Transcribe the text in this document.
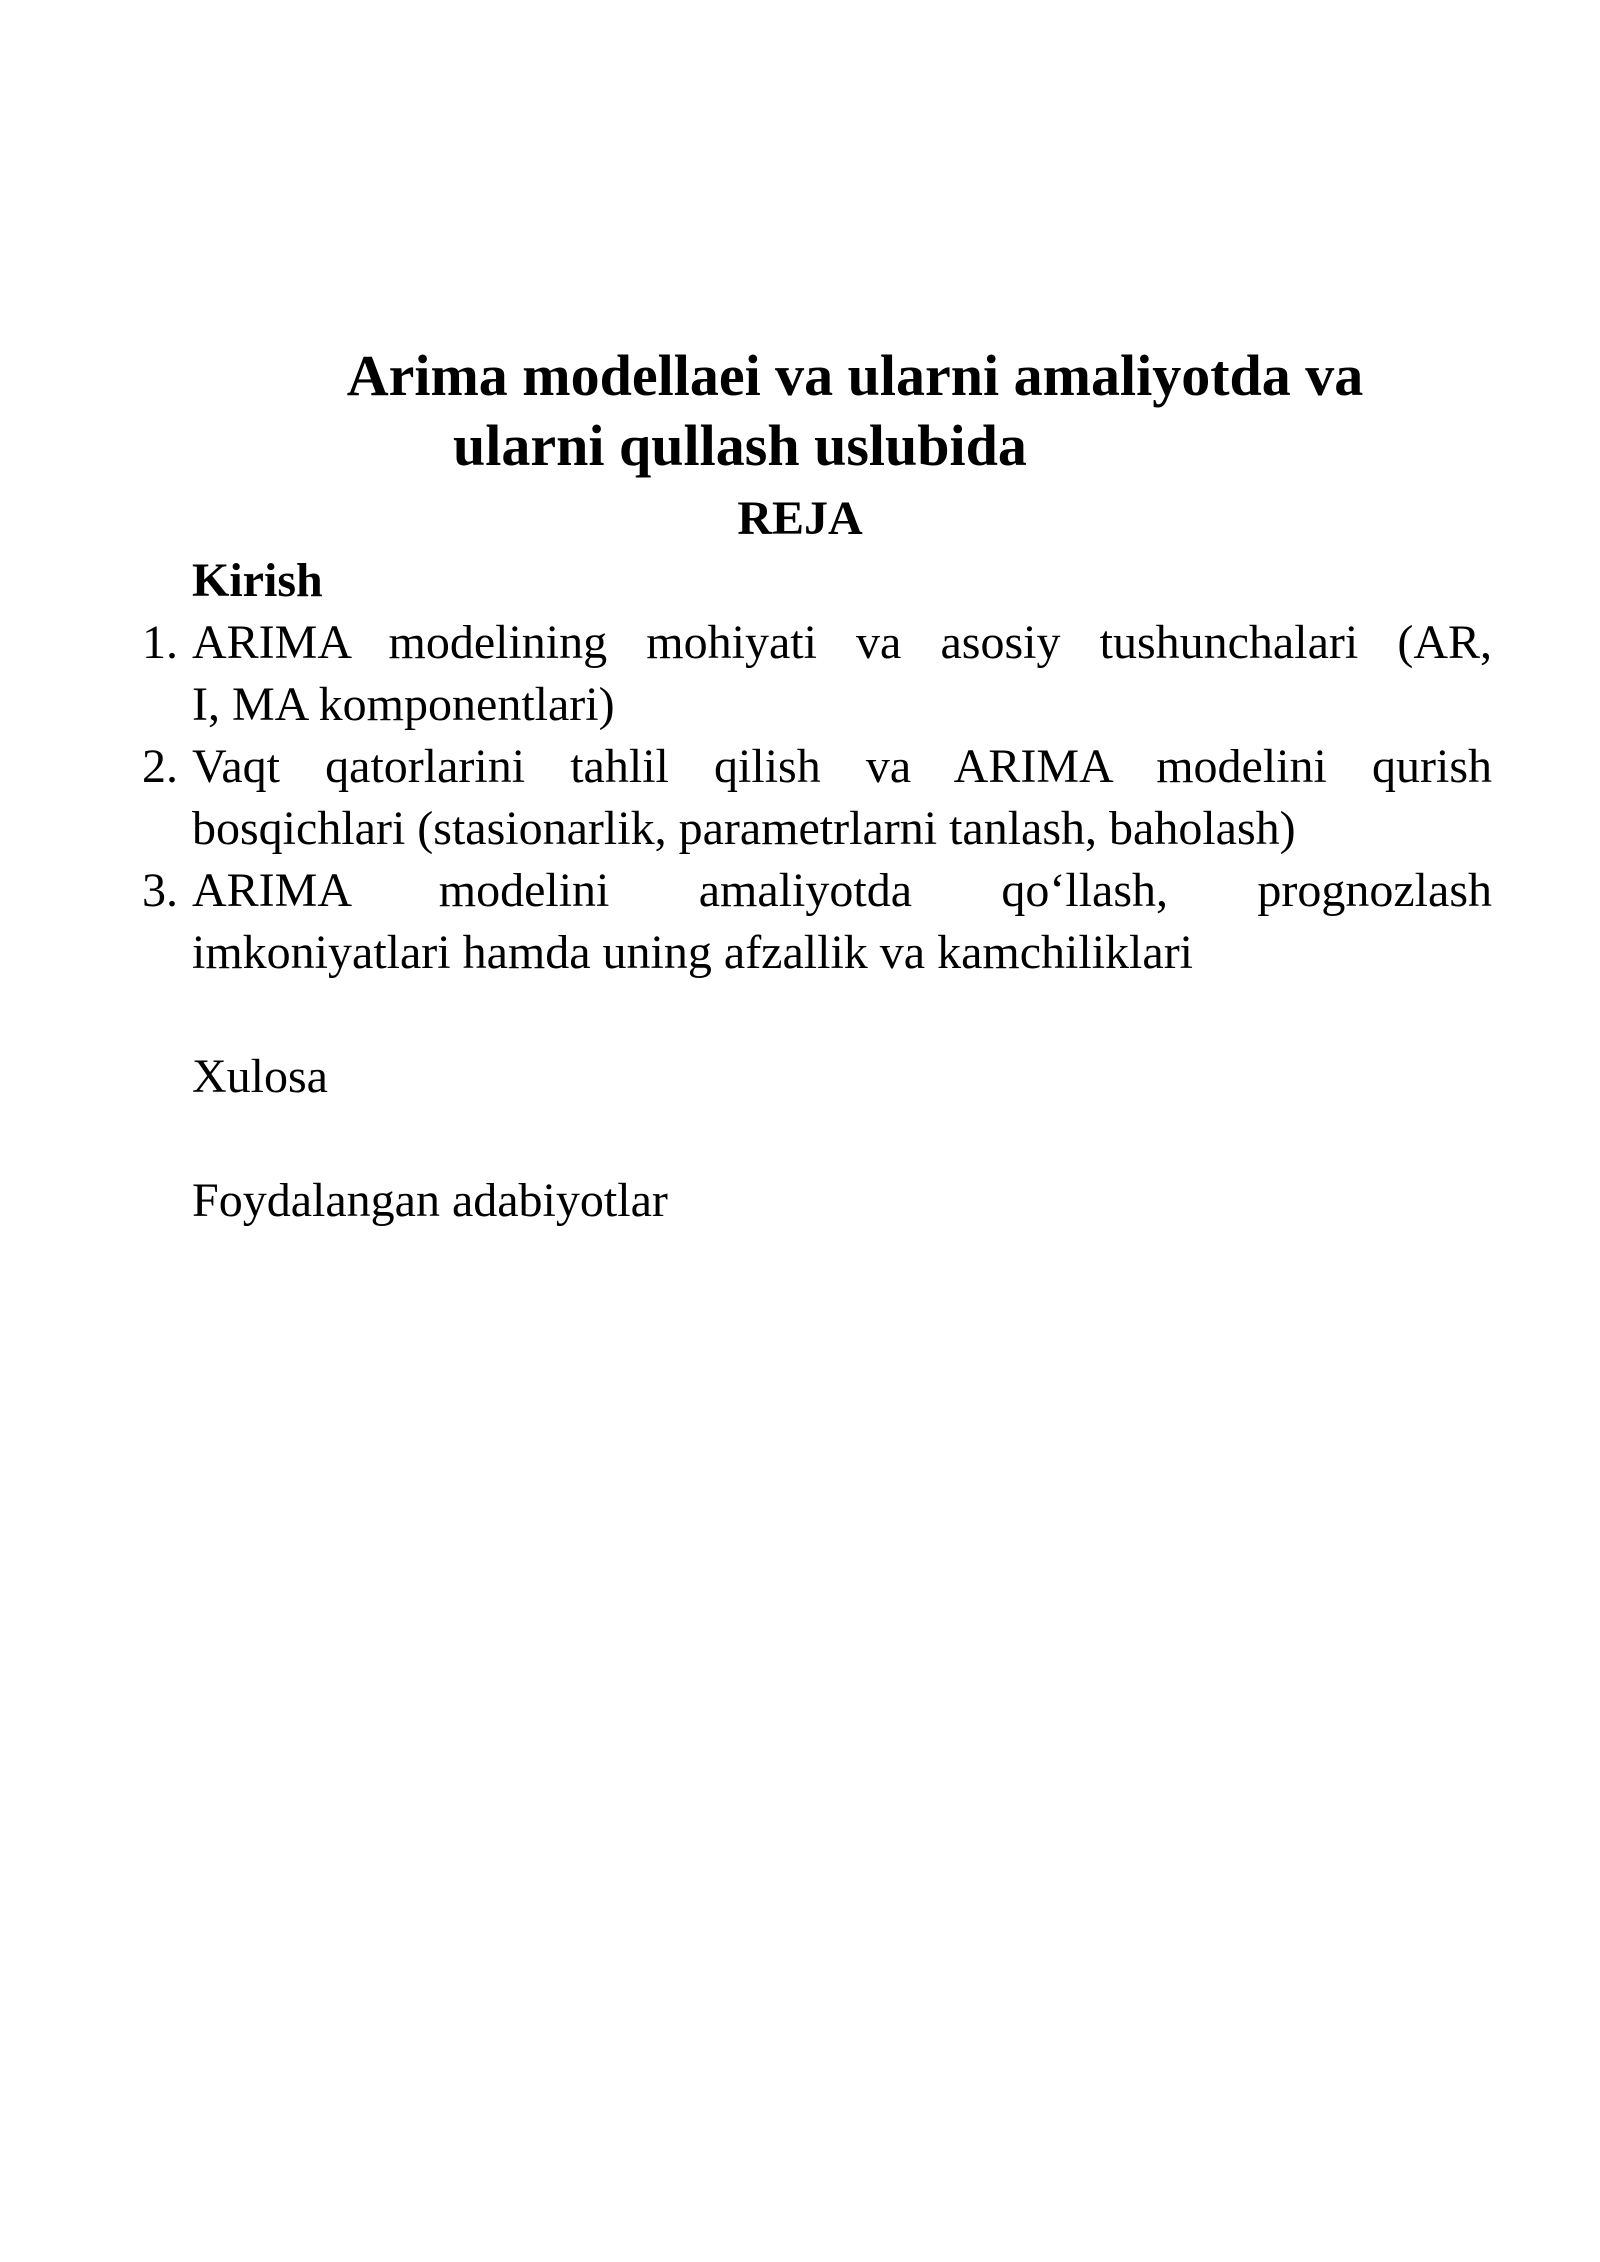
Arima modellaei va ularni amaliyotda va
ularni qullash uslubida
REJA

Kirish

1. ARIMA modelining mohiyati va asosiy tushunchalari (AR,
I, MA komponentlari)
2. Vaqt qatorlarini tahlil qilish va ARIMA modelini qurish
bosqichlari (stasionarlik, parametrlarni tanlash, baholash)
3. ARIMA modelini amaliyotda qo‘llash, prognozlash
imkoniyatlari hamda uning afzallik va kamchiliklari

Xulosa

Foydalangan adabiyotlar
